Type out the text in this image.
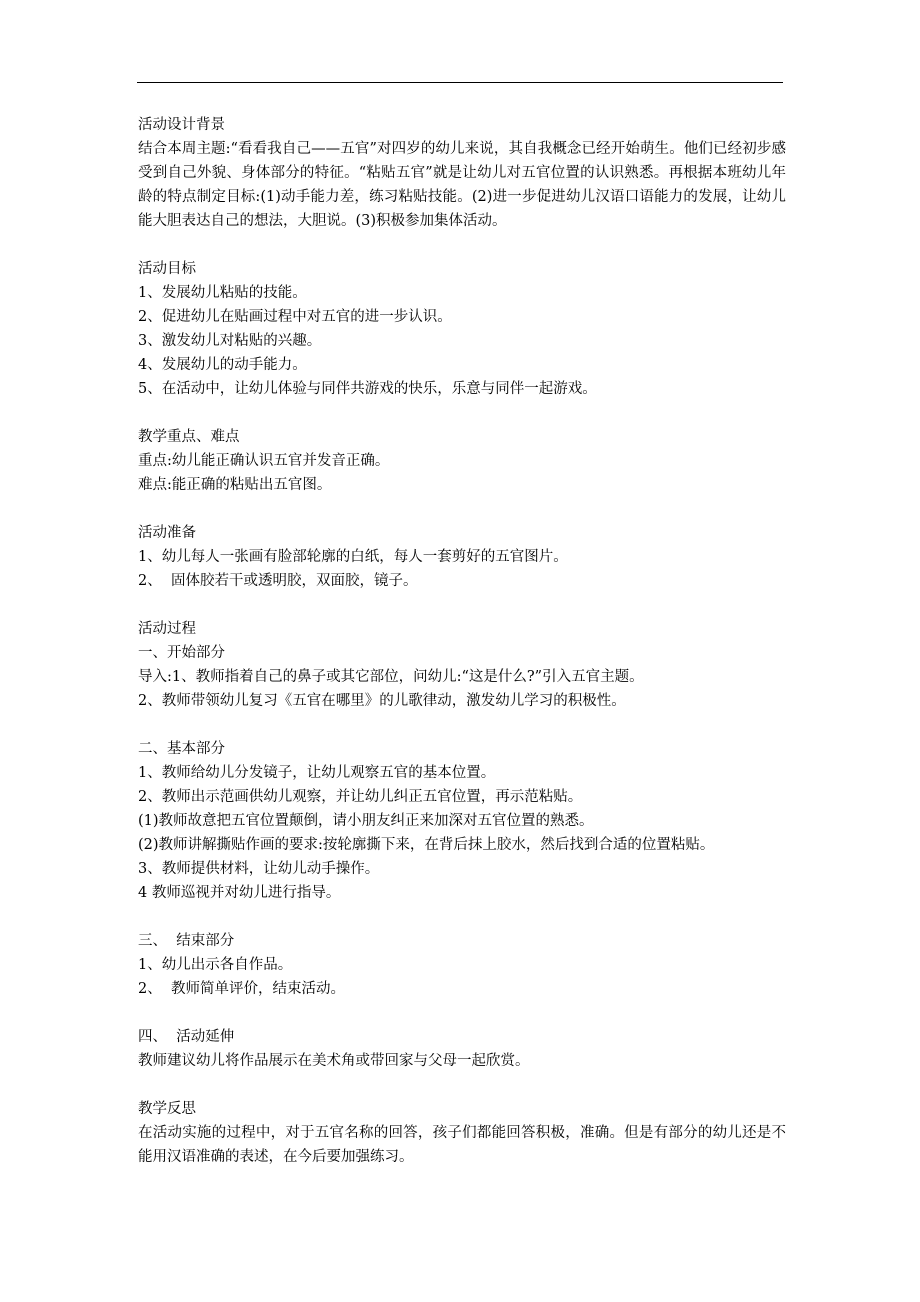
活动设计背景

结合本周主题:“看看我自己——五官”对四岁的幼儿来说，其自我概念已经开始萌生。他们已经初步感受到自己外貌、身体部分的特征。“粘贴五官”就是让幼儿对五官位置的认识熟悉。再根据本班幼儿年龄的特点制定目标:(1)动手能力差，练习粘贴技能。(2)进一步促进幼儿汉语口语能力的发展，让幼儿能大胆表达自己的想法，大胆说。(3)积极参加集体活动。

活动目标

1、发展幼儿粘贴的技能。

2、促进幼儿在贴画过程中对五官的进一步认识。

3、激发幼儿对粘贴的兴趣。

4、发展幼儿的动手能力。

5、在活动中，让幼儿体验与同伴共游戏的快乐，乐意与同伴一起游戏。

教学重点、难点

重点:幼儿能正确认识五官并发音正确。

难点:能正确的粘贴出五官图。

活动准备

1、幼儿每人一张画有脸部轮廓的白纸，每人一套剪好的五官图片。

2、  固体胶若干或透明胶，双面胶，镜子。

活动过程

一、开始部分

导入:1、教师指着自己的鼻子或其它部位，问幼儿:“这是什么?”引入五官主题。

2、教师带领幼儿复习《五官在哪里》的儿歌律动，激发幼儿学习的积极性。

二、基本部分

1、教师给幼儿分发镜子，让幼儿观察五官的基本位置。

2、教师出示范画供幼儿观察，并让幼儿纠正五官位置，再示范粘贴。

(1)教师故意把五官位置颠倒，请小朋友纠正来加深对五官位置的熟悉。

(2)教师讲解撕贴作画的要求:按轮廓撕下来，在背后抹上胶水，然后找到合适的位置粘贴。

3、教师提供材料，让幼儿动手操作。

4 教师巡视并对幼儿进行指导。

三、  结束部分

1、幼儿出示各自作品。

2、  教师简单评价，结束活动。

四、  活动延伸

教师建议幼儿将作品展示在美术角或带回家与父母一起欣赏。

教学反思

在活动实施的过程中，对于五官名称的回答，孩子们都能回答积极，准确。但是有部分的幼儿还是不能用汉语准确的表述，在今后要加强练习。
